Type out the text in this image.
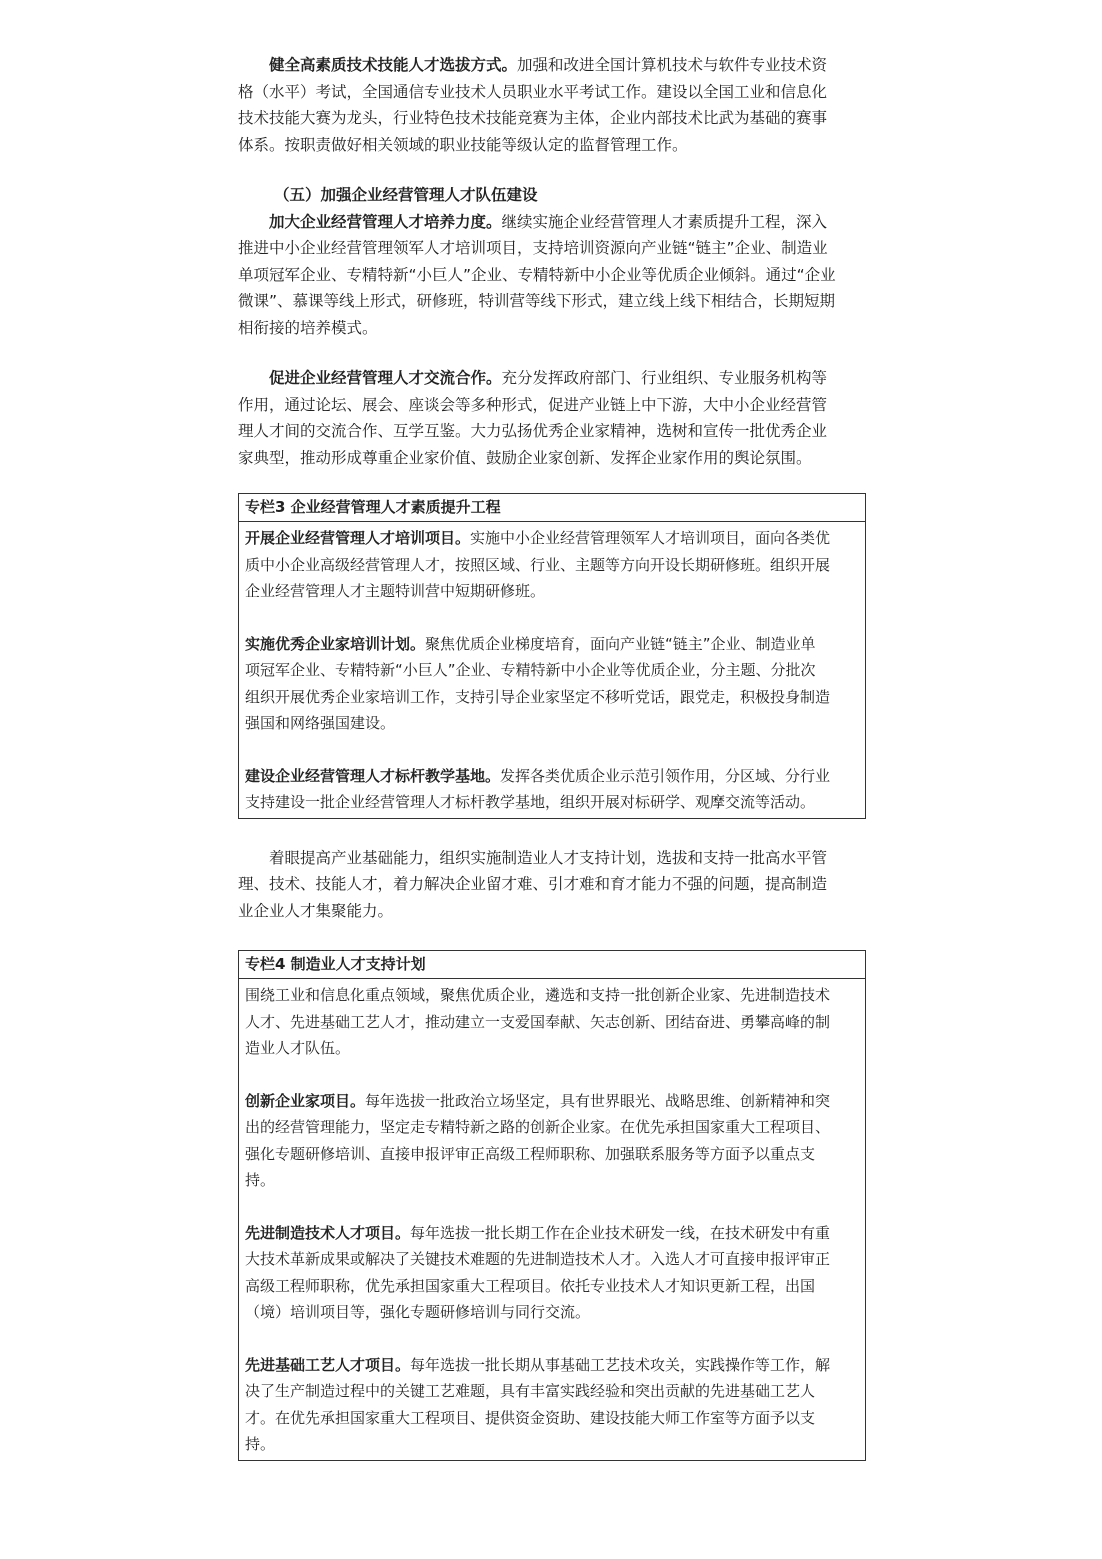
健全高素质技术技能人才选拔方式。加强和改进全国计算机技术与软件专业技术资
格（水平）考试，全国通信专业技术人员职业水平考试工作。建设以全国工业和信息化
技术技能大赛为龙头，行业特色技术技能竞赛为主体，企业内部技术比武为基础的赛事
体系。按职责做好相关领域的职业技能等级认定的监督管理工作。
（五）加强企业经营管理人才队伍建设
加大企业经营管理人才培养力度。继续实施企业经营管理人才素质提升工程，深入
推进中小企业经营管理领军人才培训项目，支持培训资源向产业链“链主”企业、制造业
单项冠军企业、专精特新“小巨人”企业、专精特新中小企业等优质企业倾斜。通过“企业
微课”、慕课等线上形式，研修班，特训营等线下形式，建立线上线下相结合，长期短期
相衔接的培养模式。
促进企业经营管理人才交流合作。充分发挥政府部门、行业组织、专业服务机构等
作用，通过论坛、展会、座谈会等多种形式，促进产业链上中下游，大中小企业经营管
理人才间的交流合作、互学互鉴。大力弘扬优秀企业家精神，选树和宣传一批优秀企业
家典型，推动形成尊重企业家价值、鼓励企业家创新、发挥企业家作用的舆论氛围。
专栏3 企业经营管理人才素质提升工程
开展企业经营管理人才培训项目。实施中小企业经营管理领军人才培训项目，面向各类优
质中小企业高级经营管理人才，按照区域、行业、主题等方向开设长期研修班。组织开展
企业经营管理人才主题特训营中短期研修班。
实施优秀企业家培训计划。聚焦优质企业梯度培育，面向产业链“链主”企业、制造业单
项冠军企业、专精特新“小巨人”企业、专精特新中小企业等优质企业，分主题、分批次
组织开展优秀企业家培训工作，支持引导企业家坚定不移听党话，跟党走，积极投身制造
强国和网络强国建设。
建设企业经营管理人才标杆教学基地。发挥各类优质企业示范引领作用，分区域、分行业
支持建设一批企业经营管理人才标杆教学基地，组织开展对标研学、观摩交流等活动。
着眼提高产业基础能力，组织实施制造业人才支持计划，选拔和支持一批高水平管
理、技术、技能人才，着力解决企业留才难、引才难和育才能力不强的问题，提高制造
业企业人才集聚能力。
专栏4 制造业人才支持计划
围绕工业和信息化重点领域，聚焦优质企业，遴选和支持一批创新企业家、先进制造技术
人才、先进基础工艺人才，推动建立一支爱国奉献、矢志创新、团结奋进、勇攀高峰的制
造业人才队伍。
创新企业家项目。每年选拔一批政治立场坚定，具有世界眼光、战略思维、创新精神和突
出的经营管理能力，坚定走专精特新之路的创新企业家。在优先承担国家重大工程项目、
强化专题研修培训、直接申报评审正高级工程师职称、加强联系服务等方面予以重点支
持。
先进制造技术人才项目。每年选拔一批长期工作在企业技术研发一线，在技术研发中有重
大技术革新成果或解决了关键技术难题的先进制造技术人才。入选人才可直接申报评审正
高级工程师职称，优先承担国家重大工程项目。依托专业技术人才知识更新工程，出国
（境）培训项目等，强化专题研修培训与同行交流。
先进基础工艺人才项目。每年选拔一批长期从事基础工艺技术攻关，实践操作等工作，解
决了生产制造过程中的关键工艺难题，具有丰富实践经验和突出贡献的先进基础工艺人
才。在优先承担国家重大工程项目、提供资金资助、建设技能大师工作室等方面予以支
持。
